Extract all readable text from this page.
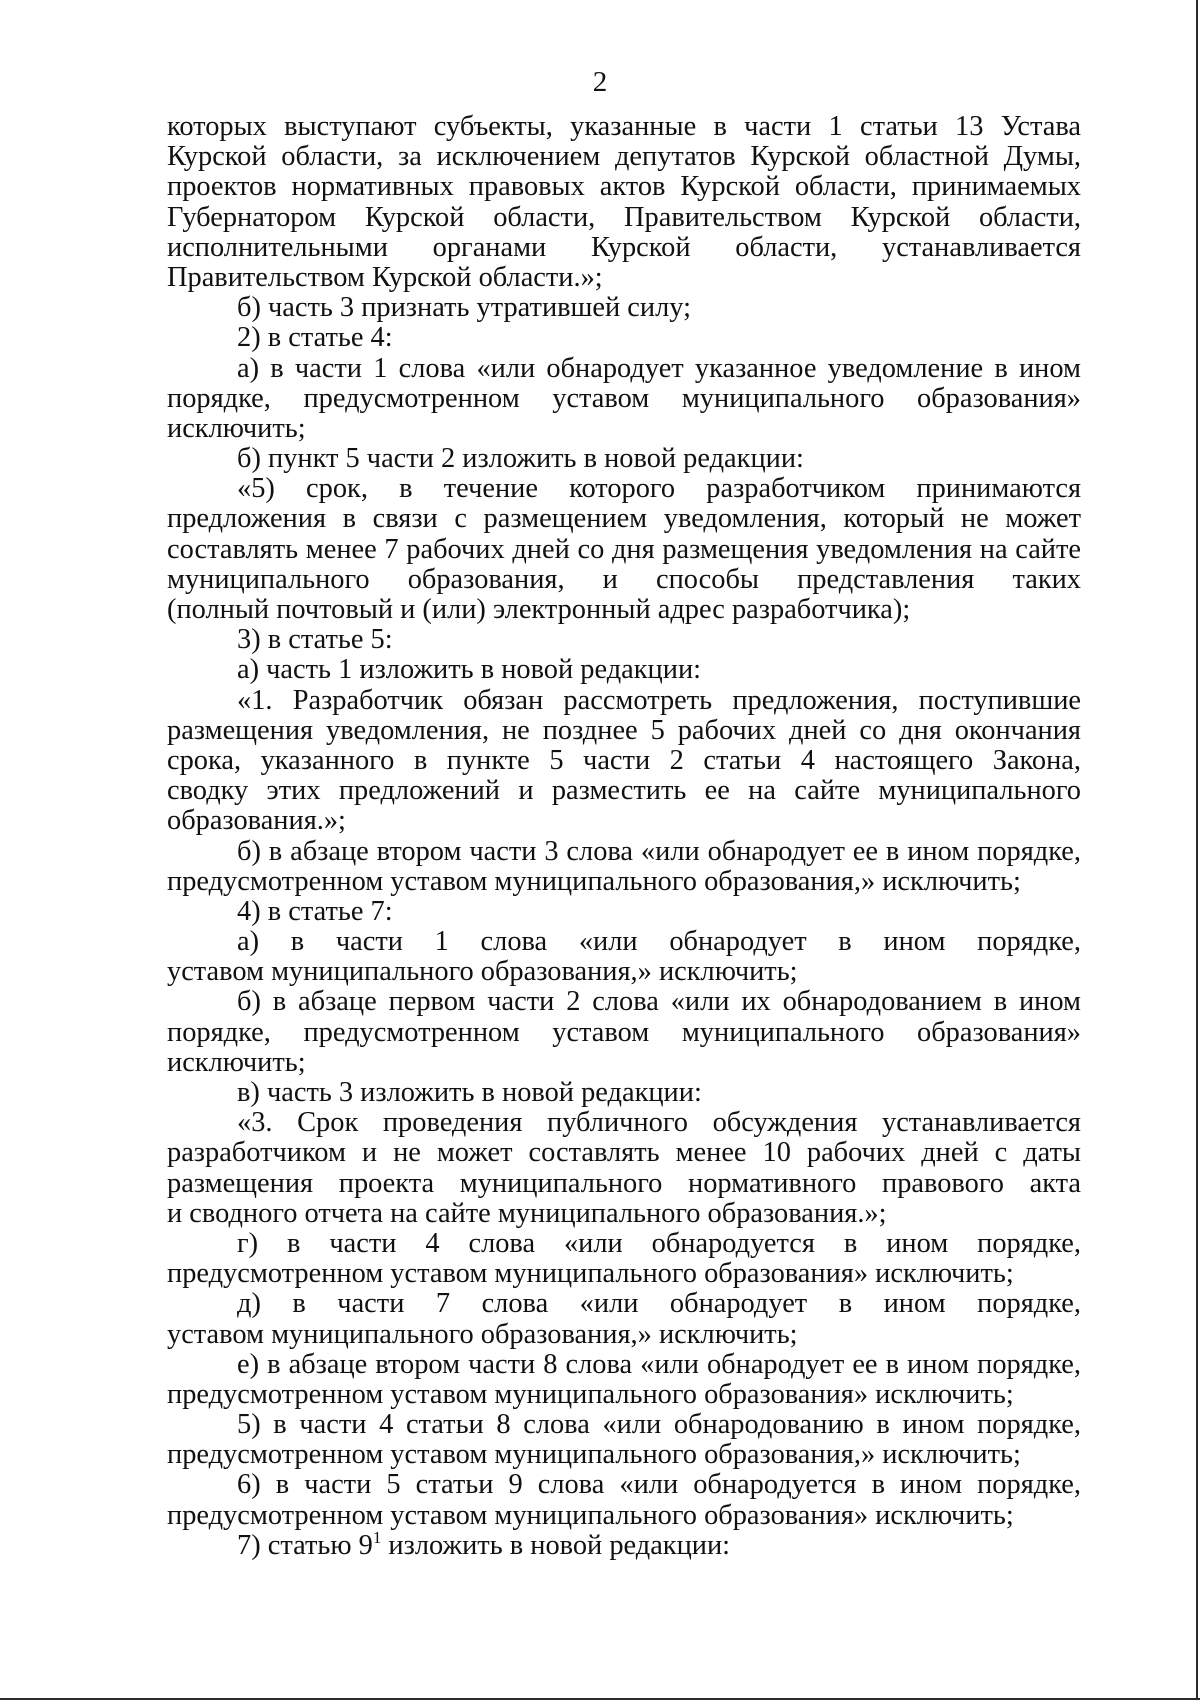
2
которых выступают субъекты, указанные в части 1 статьи 13 Устава
Курской области, за исключением депутатов Курской областной Думы,
проектов нормативных правовых актов Курской области, принимаемых
Губернатором Курской области, Правительством Курской области,
исполнительными органами Курской области, устанавливается
Правительством Курской области.»;
б) часть 3 признать утратившей силу;
2) в статье 4:
а) в части 1 слова «или обнародует указанное уведомление в ином
порядке, предусмотренном уставом муниципального образования»
исключить;
б) пункт 5 части 2 изложить в новой редакции:
«5) срок, в течение которого разработчиком принимаются
предложения в связи с размещением уведомления, который не может
составлять менее 7 рабочих дней со дня размещения уведомления на сайте
муниципального образования, и способы представления таких
(полный почтовый и (или) электронный адрес разработчика);
3) в статье 5:
а) часть 1 изложить в новой редакции:
«1. Разработчик обязан рассмотреть предложения, поступившие
размещения уведомления, не позднее 5 рабочих дней со дня окончания
срока, указанного в пункте 5 части 2 статьи 4 настоящего Закона,
сводку этих предложений и разместить ее на сайте муниципального
образования.»;
б) в абзаце втором части 3 слова «или обнародует ее в ином порядке,
предусмотренном уставом муниципального образования,» исключить;
4) в статье 7:
а) в части 1 слова «или обнародует в ином порядке,
уставом муниципального образования,» исключить;
б) в абзаце первом части 2 слова «или их обнародованием в ином
порядке, предусмотренном уставом муниципального образования»
исключить;
в) часть 3 изложить в новой редакции:
«3. Срок проведения публичного обсуждения устанавливается
разработчиком и не может составлять менее 10 рабочих дней с даты
размещения проекта муниципального нормативного правового акта
и сводного отчета на сайте муниципального образования.»;
г) в части 4 слова «или обнародуется в ином порядке,
предусмотренном уставом муниципального образования» исключить;
д) в части 7 слова «или обнародует в ином порядке,
уставом муниципального образования,» исключить;
е) в абзаце втором части 8 слова «или обнародует ее в ином порядке,
предусмотренном уставом муниципального образования» исключить;
5) в части 4 статьи 8 слова «или обнародованию в ином порядке,
предусмотренном уставом муниципального образования,» исключить;
6) в части 5 статьи 9 слова «или обнародуется в ином порядке,
предусмотренном уставом муниципального образования» исключить;
7) статью $9^1$ изложить в новой редакции:
